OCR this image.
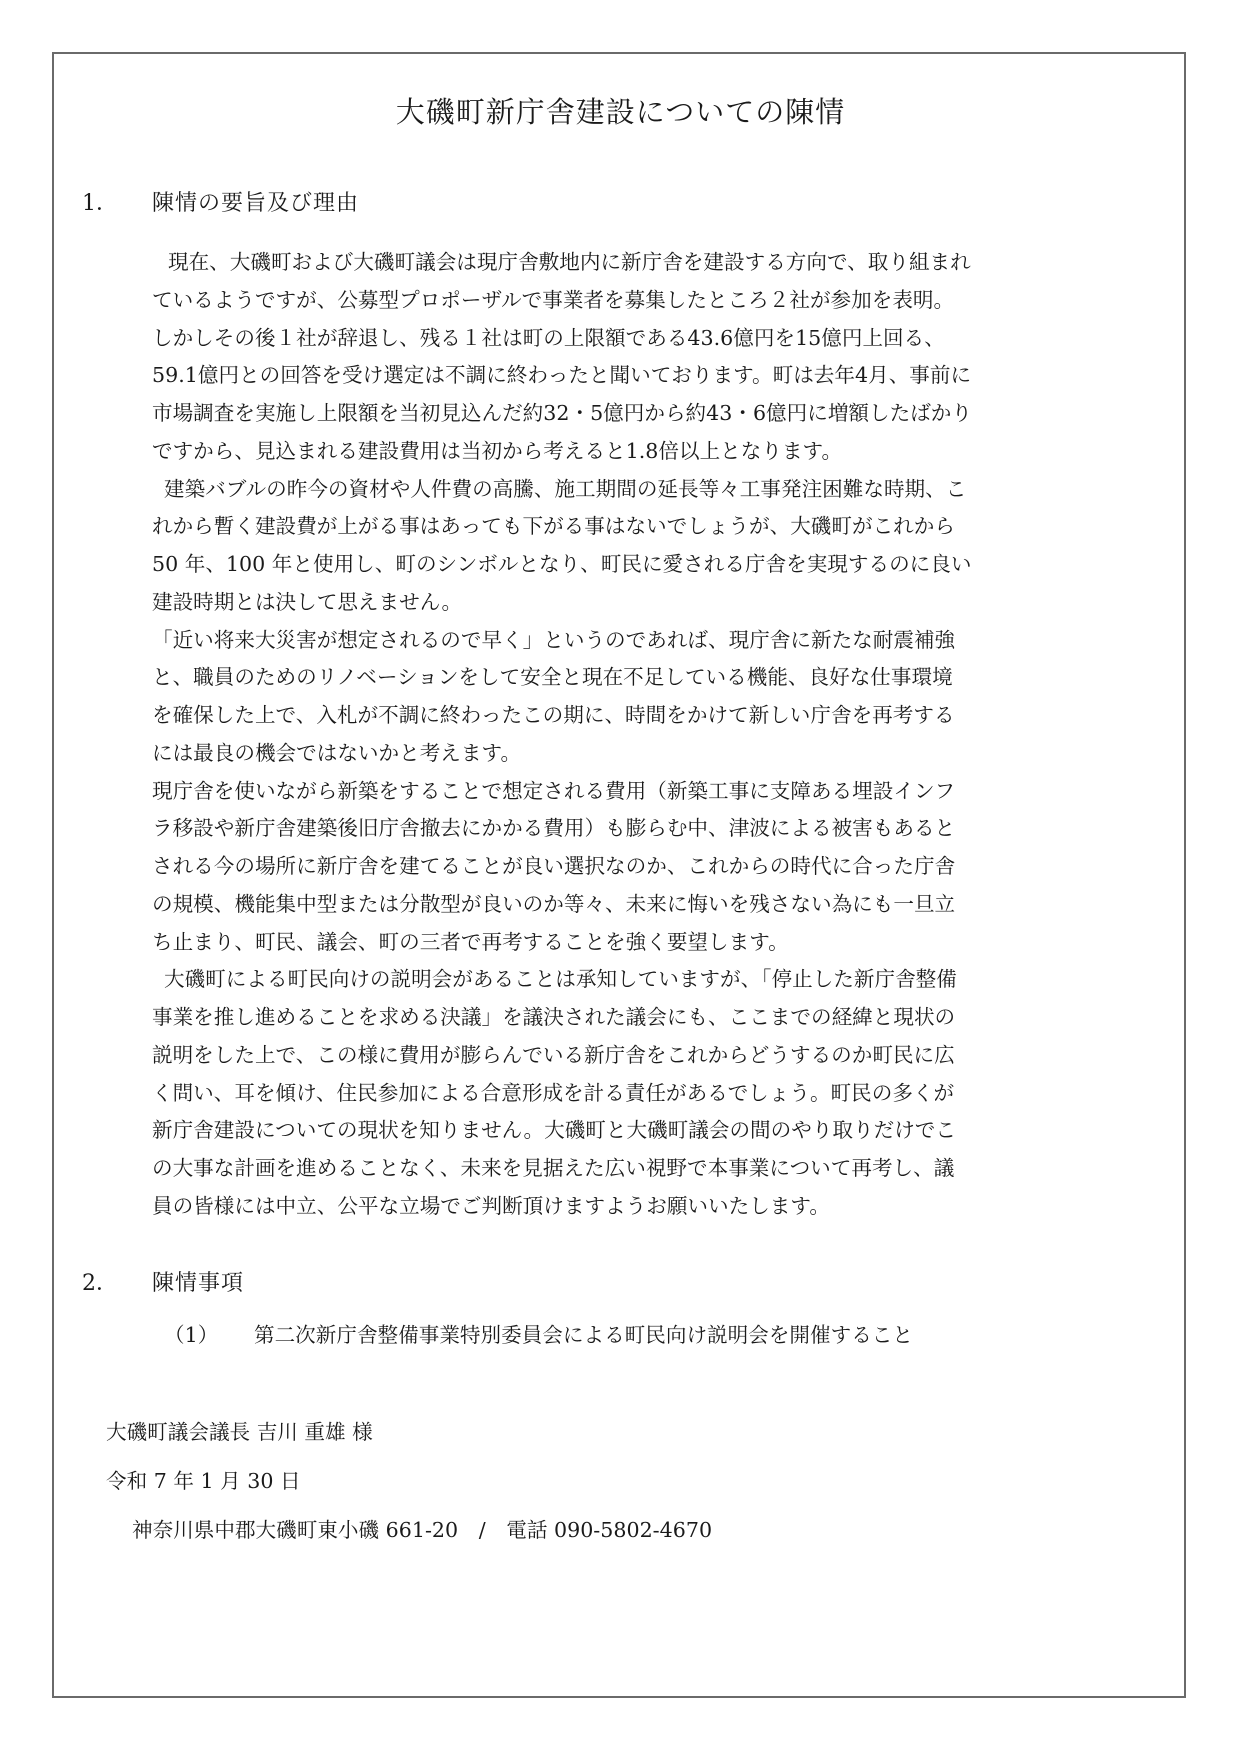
大磯町新庁舎建設についての陳情
1． 陳情の要旨及び理由
現在、大磯町および大磯町議会は現庁舎敷地内に新庁舎を建設する方向で、取り組まれ
ているようですが、公募型プロポーザルで事業者を募集したところ２社が参加を表明。
しかしその後１社が辞退し、残る１社は町の上限額である43.6億円を15億円上回る、
59.1億円との回答を受け選定は不調に終わったと聞いております。町は去年4月、事前に
市場調査を実施し上限額を当初見込んだ約32・5億円から約43・6億円に増額したばかり
ですから、見込まれる建設費用は当初から考えると1.8倍以上となります。
建築バブルの昨今の資材や人件費の高騰、施工期間の延長等々工事発注困難な時期、こ
れから暫く建設費が上がる事はあっても下がる事はないでしょうが、大磯町がこれから
50 年、100 年と使用し、町のシンボルとなり、町民に愛される庁舎を実現するのに良い
建設時期とは決して思えません。
「近い将来大災害が想定されるので早く」というのであれば、現庁舎に新たな耐震補強
と、職員のためのリノベーションをして安全と現在不足している機能、良好な仕事環境
を確保した上で、入札が不調に終わったこの期に、時間をかけて新しい庁舎を再考する
には最良の機会ではないかと考えます。
現庁舎を使いながら新築をすることで想定される費用（新築工事に支障ある埋設インフ
ラ移設や新庁舎建築後旧庁舎撤去にかかる費用）も膨らむ中、津波による被害もあると
される今の場所に新庁舎を建てることが良い選択なのか、これからの時代に合った庁舎
の規模、機能集中型または分散型が良いのか等々、未来に悔いを残さない為にも一旦立
ち止まり、町民、議会、町の三者で再考することを強く要望します。
大磯町による町民向けの説明会があることは承知していますが、「停止した新庁舎整備
事業を推し進めることを求める決議」を議決された議会にも、ここまでの経緯と現状の
説明をした上で、この様に費用が膨らんでいる新庁舎をこれからどうするのか町民に広
く問い、耳を傾け、住民参加による合意形成を計る責任があるでしょう。町民の多くが
新庁舎建設についての現状を知りません。大磯町と大磯町議会の間のやり取りだけでこ
の大事な計画を進めることなく、未来を見据えた広い視野で本事業について再考し、議
員の皆様には中立、公平な立場でご判断頂けますようお願いいたします。
2． 陳情事項
（1） 第二次新庁舎整備事業特別委員会による町民向け説明会を開催すること
大磯町議会議長 吉川 重雄 様
令和 7 年 1 月 30 日
神奈川県中郡大磯町東小磯 661-20　/　電話 090-5802-4670
